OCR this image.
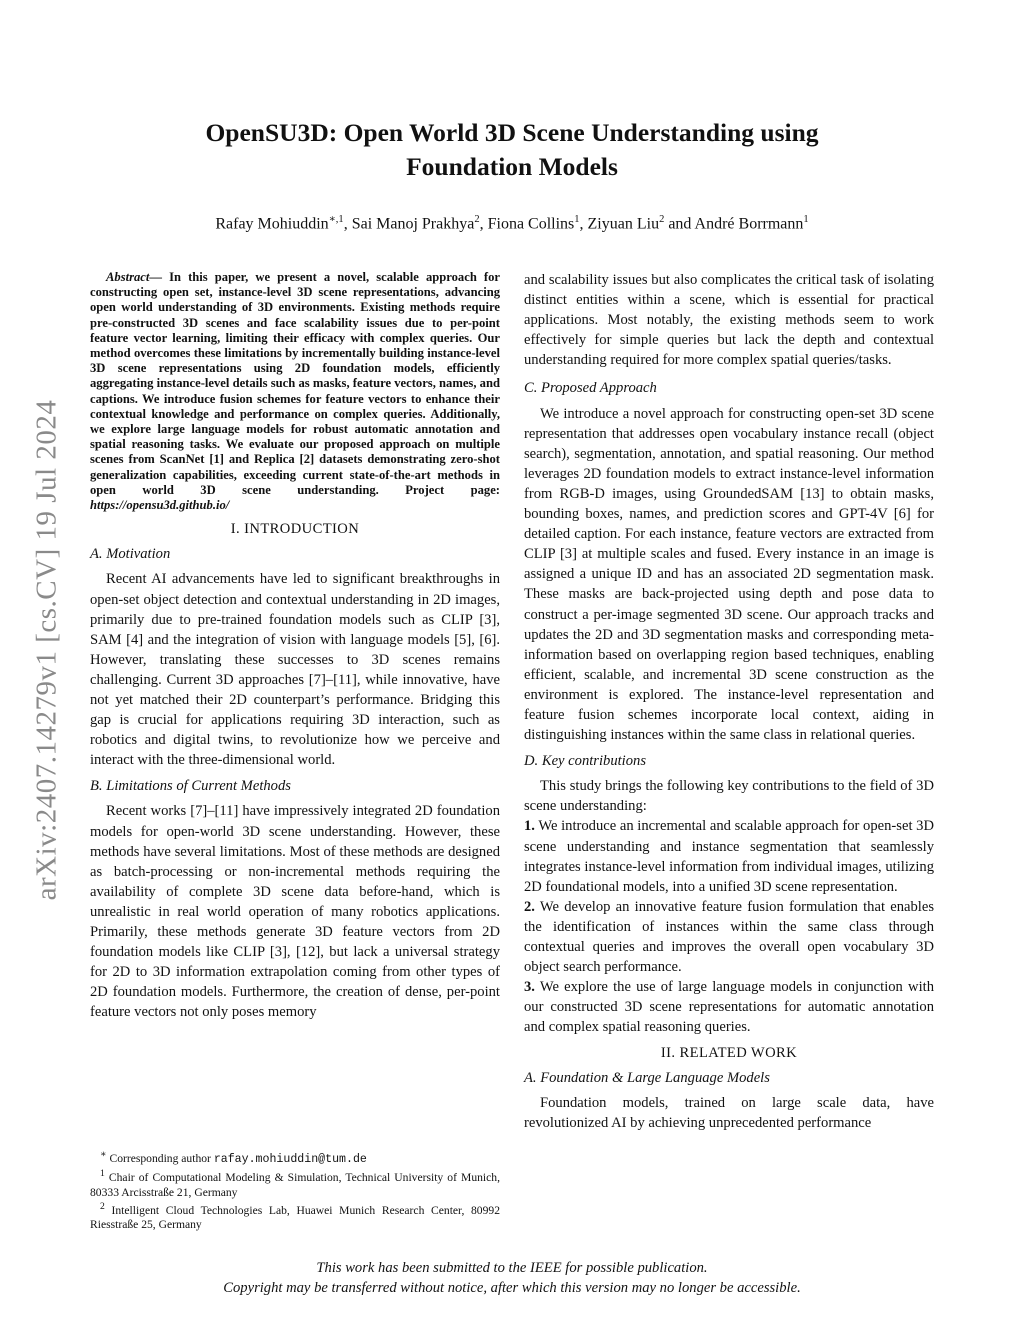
arXiv:2407.14279v1 [cs.CV] 19 Jul 2024
OpenSU3D: Open World 3D Scene Understanding using
Foundation Models
Rafay Mohiuddin$^{∗,1}$, Sai Manoj Prakhya$^2$, Fiona Collins$^1$, Ziyuan Liu$^2$ and André Borrmann$^1$

Abstract— In this paper, we present a novel, scalable approach for constructing open set, instance-level 3D scene representations, advancing open world understanding of 3D environments. Existing methods require pre-constructed 3D scenes and face scalability issues due to per-point feature vector learning, limiting their efficacy with complex queries. Our method overcomes these limitations by incrementally building instance-level 3D scene representations using 2D foundation models, efficiently aggregating instance-level details such as masks, feature vectors, names, and captions. We introduce fusion schemes for feature vectors to enhance their contextual knowledge and performance on complex queries. Additionally, we explore large language models for robust automatic annotation and spatial reasoning tasks. We evaluate our proposed approach on multiple scenes from ScanNet [1] and Replica [2] datasets demonstrating zero-shot generalization capabilities, exceeding current state-of-the-art methods in open world 3D scene understanding. Project page: https://opensu3d.github.io/

I. INTRODUCTION
A. Motivation

Recent AI advancements have led to significant breakthroughs in open-set object detection and contextual understanding in 2D images, primarily due to pre-trained foundation models such as CLIP [3], SAM [4] and the integration of vision with language models [5], [6]. However, translating these successes to 3D scenes remains challenging. Current 3D approaches [7]–[11], while innovative, have not yet matched their 2D counterpart’s performance. Bridging this gap is crucial for applications requiring 3D interaction, such as robotics and digital twins, to revolutionize how we perceive and interact with the three-dimensional world.

B. Limitations of Current Methods

Recent works [7]–[11] have impressively integrated 2D foundation models for open-world 3D scene understanding. However, these methods have several limitations. Most of these methods are designed as batch-processing or non-incremental methods requiring the availability of complete 3D scene data before-hand, which is unrealistic in real world operation of many robotics applications. Primarily, these methods generate 3D feature vectors from 2D foundation models like CLIP [3], [12], but lack a universal strategy for 2D to 3D information extrapolation coming from other types of 2D foundation models. Furthermore, the creation of dense, per-point feature vectors not only poses memory

and scalability issues but also complicates the critical task of isolating distinct entities within a scene, which is essential for practical applications. Most notably, the existing methods seem to work effectively for simple queries but lack the depth and contextual understanding required for more complex spatial queries/tasks.

C. Proposed Approach

We introduce a novel approach for constructing open-set 3D scene representation that addresses open vocabulary instance recall (object search), segmentation, annotation, and spatial reasoning. Our method leverages 2D foundation models to extract instance-level information from RGB-D images, using GroundedSAM [13] to obtain masks, bounding boxes, names, and prediction scores and GPT-4V [6] for detailed caption. For each instance, feature vectors are extracted from CLIP [3] at multiple scales and fused. Every instance in an image is assigned a unique ID and has an associated 2D segmentation mask. These masks are back-projected using depth and pose data to construct a per-image segmented 3D scene. Our approach tracks and updates the 2D and 3D segmentation masks and corresponding meta-information based on overlapping region based techniques, enabling efficient, scalable, and incremental 3D scene construction as the environment is explored. The instance-level representation and feature fusion schemes incorporate local context, aiding in distinguishing instances within the same class in relational queries.

D. Key contributions

This study brings the following key contributions to the field of 3D scene understanding:

1. We introduce an incremental and scalable approach for open-set 3D scene understanding and instance segmentation that seamlessly integrates instance-level information from individual images, utilizing 2D foundational models, into a unified 3D scene representation.

2. We develop an innovative feature fusion formulation that enables the identification of instances within the same class through contextual queries and improves the overall open vocabulary 3D object search performance.

3. We explore the use of large language models in conjunction with our constructed 3D scene representations for automatic annotation and complex spatial reasoning queries.

II. RELATED WORK
A. Foundation & Large Language Models

Foundation models, trained on large scale data, have revolutionized AI by achieving unprecedented performance

∗ Corresponding author rafay.mohiuddin@tum.de

$^1$ Chair of Computational Modeling & Simulation, Technical University of Munich, 80333 Arcisstraße 21, Germany

$^2$ Intelligent Cloud Technologies Lab, Huawei Munich Research Center, 80992 Riesstraße 25, Germany

This work has been submitted to the IEEE for possible publication.
Copyright may be transferred without notice, after which this version may no longer be accessible.
